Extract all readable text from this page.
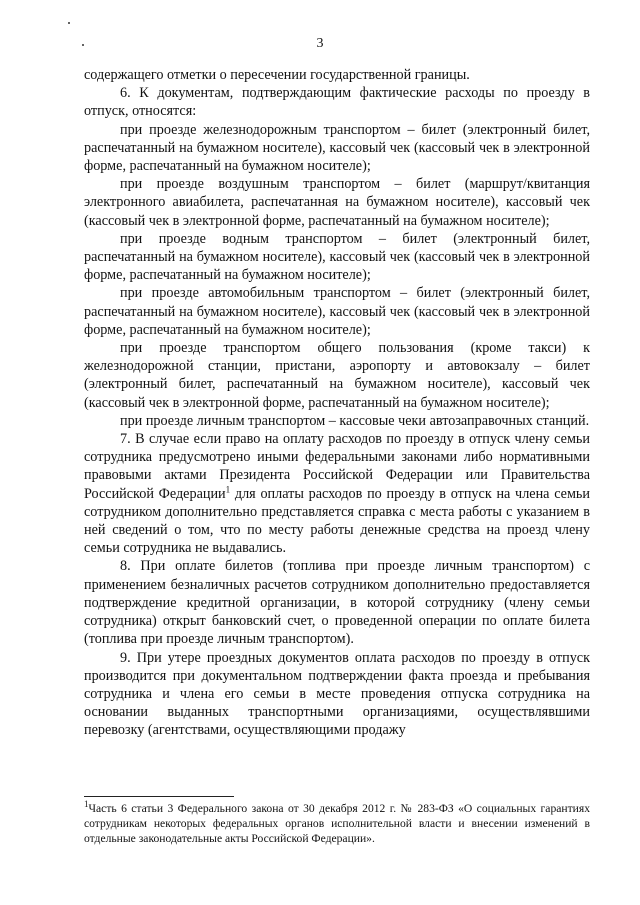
3

содержащего отметки о пересечении государственной границы.

6. К документам, подтверждающим фактические расходы по проезду в отпуск, относятся:

при проезде железнодорожным транспортом – билет (электронный билет, распечатанный на бумажном носителе), кассовый чек (кассовый чек в электронной форме, распечатанный на бумажном носителе);

при проезде воздушным транспортом – билет (маршрут/квитанция электронного авиабилета, распечатанная на бумажном носителе), кассовый чек (кассовый чек в электронной форме, распечатанный на бумажном носителе);

при проезде водным транспортом – билет (электронный билет, распечатанный на бумажном носителе), кассовый чек (кассовый чек в электронной форме, распечатанный на бумажном носителе);

при проезде автомобильным транспортом – билет (электронный билет, распечатанный на бумажном носителе), кассовый чек (кассовый чек в электронной форме, распечатанный на бумажном носителе);

при проезде транспортом общего пользования (кроме такси) к железнодорожной станции, пристани, аэропорту и автовокзалу – билет (электронный билет, распечатанный на бумажном носителе), кассовый чек (кассовый чек в электронной форме, распечатанный на бумажном носителе);

при проезде личным транспортом – кассовые чеки автозаправочных станций.

7. В случае если право на оплату расходов по проезду в отпуск члену семьи сотрудника предусмотрено иными федеральными законами либо нормативными правовыми актами Президента Российской Федерации или Правительства Российской Федерации$^1$ для оплаты расходов по проезду в отпуск на члена семьи сотрудником дополнительно представляется справка с места работы с указанием в ней сведений о том, что по месту работы денежные средства на проезд члену семьи сотрудника не выдавались.

8. При оплате билетов (топлива при проезде личным транспортом) с применением безналичных расчетов сотрудником дополнительно предоставляется подтверждение кредитной организации, в которой сотруднику (члену семьи сотрудника) открыт банковский счет, о проведенной операции по оплате билета (топлива при проезде личным транспортом).

9. При утере проездных документов оплата расходов по проезду в отпуск производится при документальном подтверждении факта проезда и пребывания сотрудника и члена его семьи в месте проведения отпуска сотрудника на основании выданных транспортными организациями, осуществлявшими перевозку (агентствами, осуществляющими продажу

$^1$Часть 6 статьи 3 Федерального закона от 30 декабря 2012 г. № 283-ФЗ «О социальных гарантиях сотрудникам некоторых федеральных органов исполнительной власти и внесении изменений в отдельные законодательные акты Российской Федерации».
